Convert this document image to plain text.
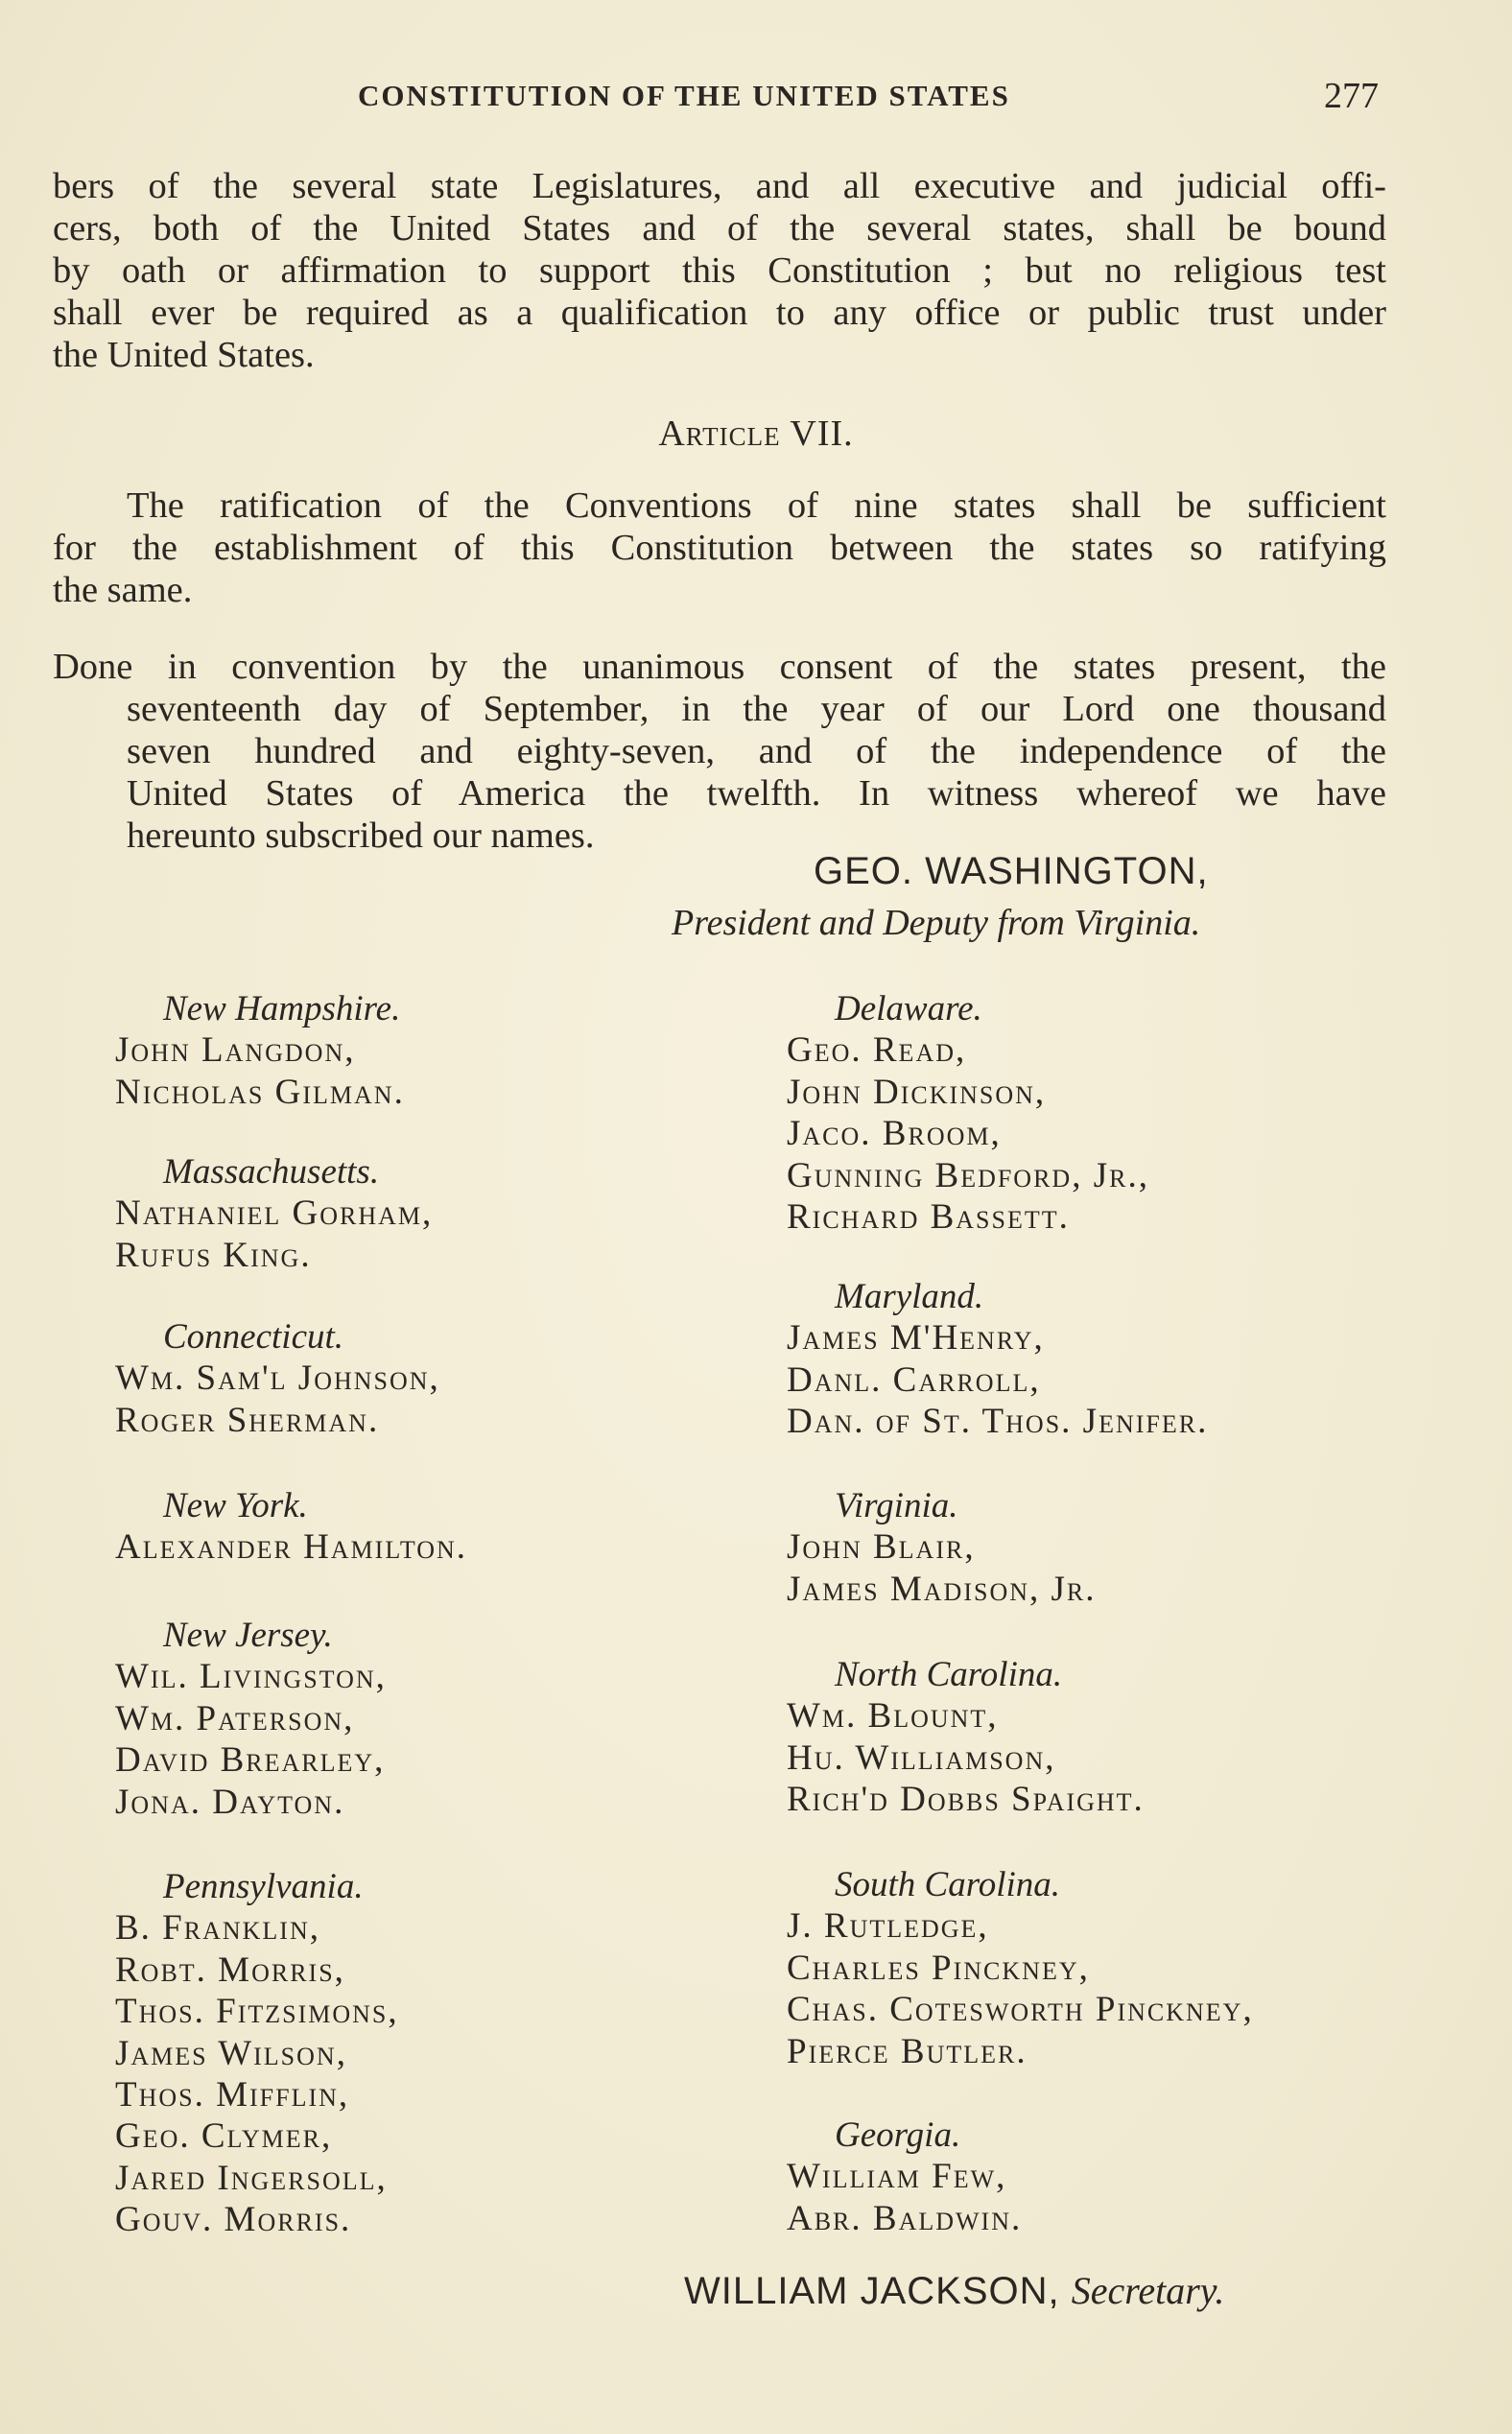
CONSTITUTION OF THE UNITED STATES	277
bers of the several state Legislatures, and all executive and judicial offi-
cers, both of the United States and of the several states, shall be bound
by oath or affirmation to support this Constitution ; but no religious test
shall ever be required as a qualification to any office or public trust under
the United States.
Article VII.
The ratification of the Conventions of nine states shall be sufficient
for the establishment of this Constitution between the states so ratifying
the same.
Done in convention by the unanimous consent of the states present, the
seventeenth day of September, in the year of our Lord one thousand
seven hundred and eighty-seven, and of the independence of the
United States of America the twelfth. In witness whereof we have
hereunto subscribed our names.
GEO. WASHINGTON,
President and Deputy from Virginia.
New Hampshire.
John Langdon,
Nicholas Gilman.
Massachusetts.
Nathaniel Gorham,
Rufus King.
Connecticut.
Wm. Sam'l Johnson,
Roger Sherman.
New York.
Alexander Hamilton.
New Jersey.
Wil. Livingston,
Wm. Paterson,
David Brearley,
Jona. Dayton.
Pennsylvania.
B. Franklin,
Robt. Morris,
Thos. Fitzsimons,
James Wilson,
Thos. Mifflin,
Geo. Clymer,
Jared Ingersoll,
Gouv. Morris.
Delaware.
Geo. Read,
John Dickinson,
Jaco. Broom,
Gunning Bedford, Jr.,
Richard Bassett.
Maryland.
James M'Henry,
Danl. Carroll,
Dan. of St. Thos. Jenifer.
Virginia.
John Blair,
James Madison, Jr.
North Carolina.
Wm. Blount,
Hu. Williamson,
Rich'd Dobbs Spaight.
South Carolina.
J. Rutledge,
Charles Pinckney,
Chas. Cotesworth Pinckney,
Pierce Butler.
Georgia.
William Few,
Abr. Baldwin.
WILLIAM JACKSON, Secretary.
